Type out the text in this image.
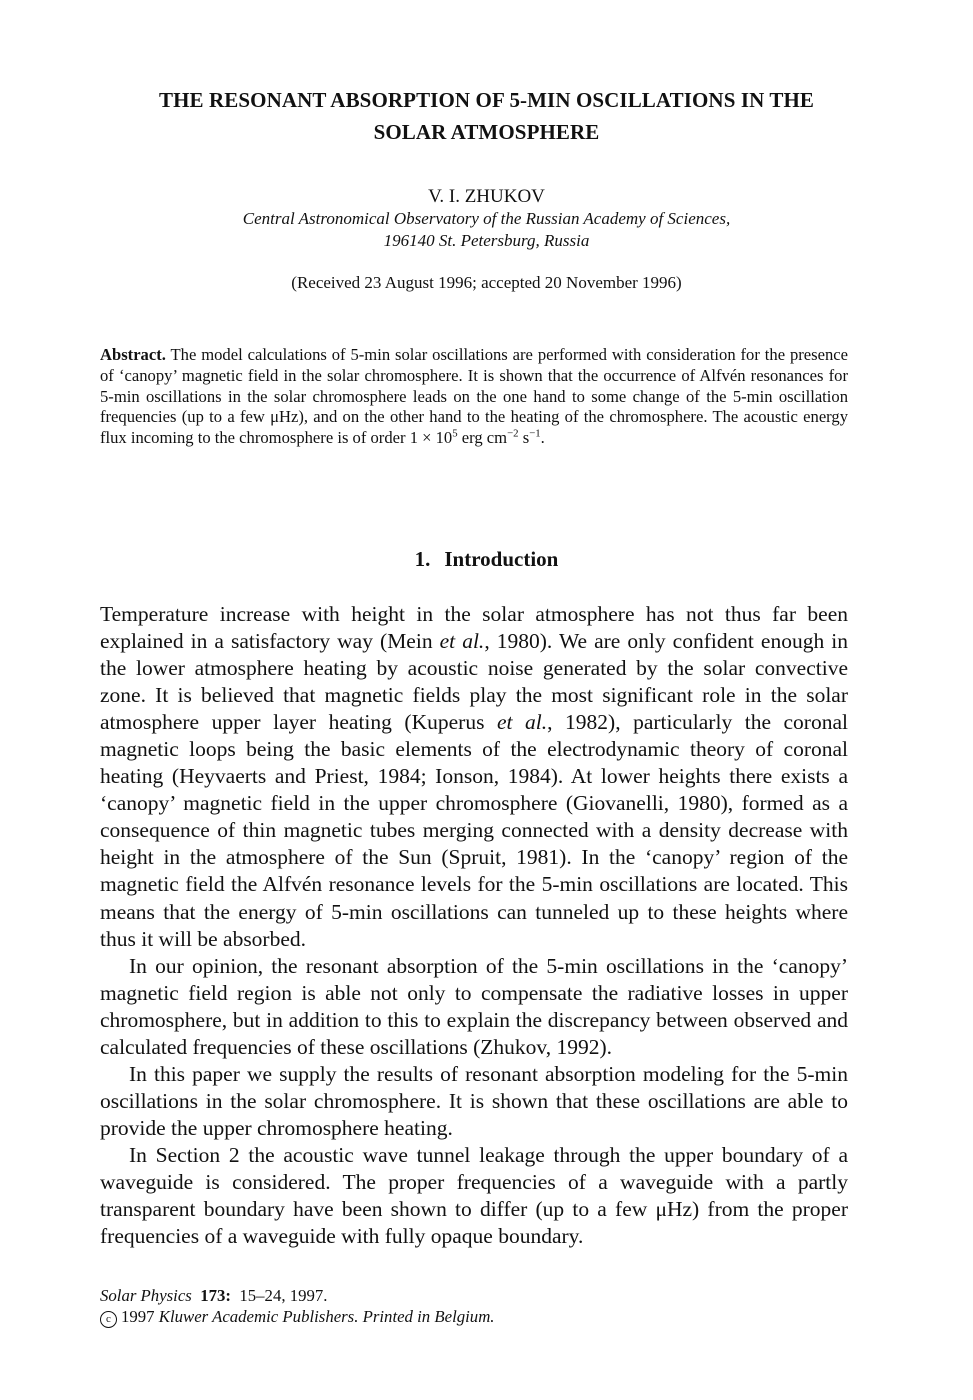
THE RESONANT ABSORPTION OF 5-MIN OSCILLATIONS IN THE
SOLAR ATMOSPHERE
V. I. ZHUKOV
Central Astronomical Observatory of the Russian Academy of Sciences,
196140 St. Petersburg, Russia
(Received 23 August 1996; accepted 20 November 1996)
Abstract. The model calculations of 5-min solar oscillations are performed with consideration for the presence of ‘canopy’ magnetic field in the solar chromosphere. It is shown that the occurrence of Alfvén resonances for 5-min oscillations in the solar chromosphere leads on the one hand to some change of the 5-min oscillation frequencies (up to a few μHz), and on the other hand to the heating of the chromosphere. The acoustic energy flux incoming to the chromosphere is of order $1 \times 10^5$ erg $cm^{-2}$ $s^{-1}$.
1. Introduction

Temperature increase with height in the solar atmosphere has not thus far been explained in a satisfactory way (Mein et al., 1980). We are only confident enough in the lower atmosphere heating by acoustic noise generated by the solar convective zone. It is believed that magnetic fields play the most significant role in the solar atmosphere upper layer heating (Kuperus et al., 1982), particularly the coronal magnetic loops being the basic elements of the electrodynamic theory of coronal heating (Heyvaerts and Priest, 1984; Ionson, 1984). At lower heights there exists a ‘canopy’ magnetic field in the upper chromosphere (Giovanelli, 1980), formed as a consequence of thin magnetic tubes merging connected with a density decrease with height in the atmosphere of the Sun (Spruit, 1981). In the ‘canopy’ region of the magnetic field the Alfvén resonance levels for the 5-min oscillations are located. This means that the energy of 5-min oscillations can tunneled up to these heights where thus it will be absorbed.

In our opinion, the resonant absorption of the 5-min oscillations in the ‘canopy’ magnetic field region is able not only to compensate the radiative losses in upper chromosphere, but in addition to this to explain the discrepancy between observed and calculated frequencies of these oscillations (Zhukov, 1992).

In this paper we supply the results of resonant absorption modeling for the 5-min oscillations in the solar chromosphere. It is shown that these oscillations are able to provide the upper chromosphere heating.

In Section 2 the acoustic wave tunnel leakage through the upper boundary of a waveguide is considered. The proper frequencies of a waveguide with a partly transparent boundary have been shown to differ (up to a few μHz) from the proper frequencies of a waveguide with fully opaque boundary.

Solar Physics 173: 15–24, 1997.
c 1997 Kluwer Academic Publishers. Printed in Belgium.
